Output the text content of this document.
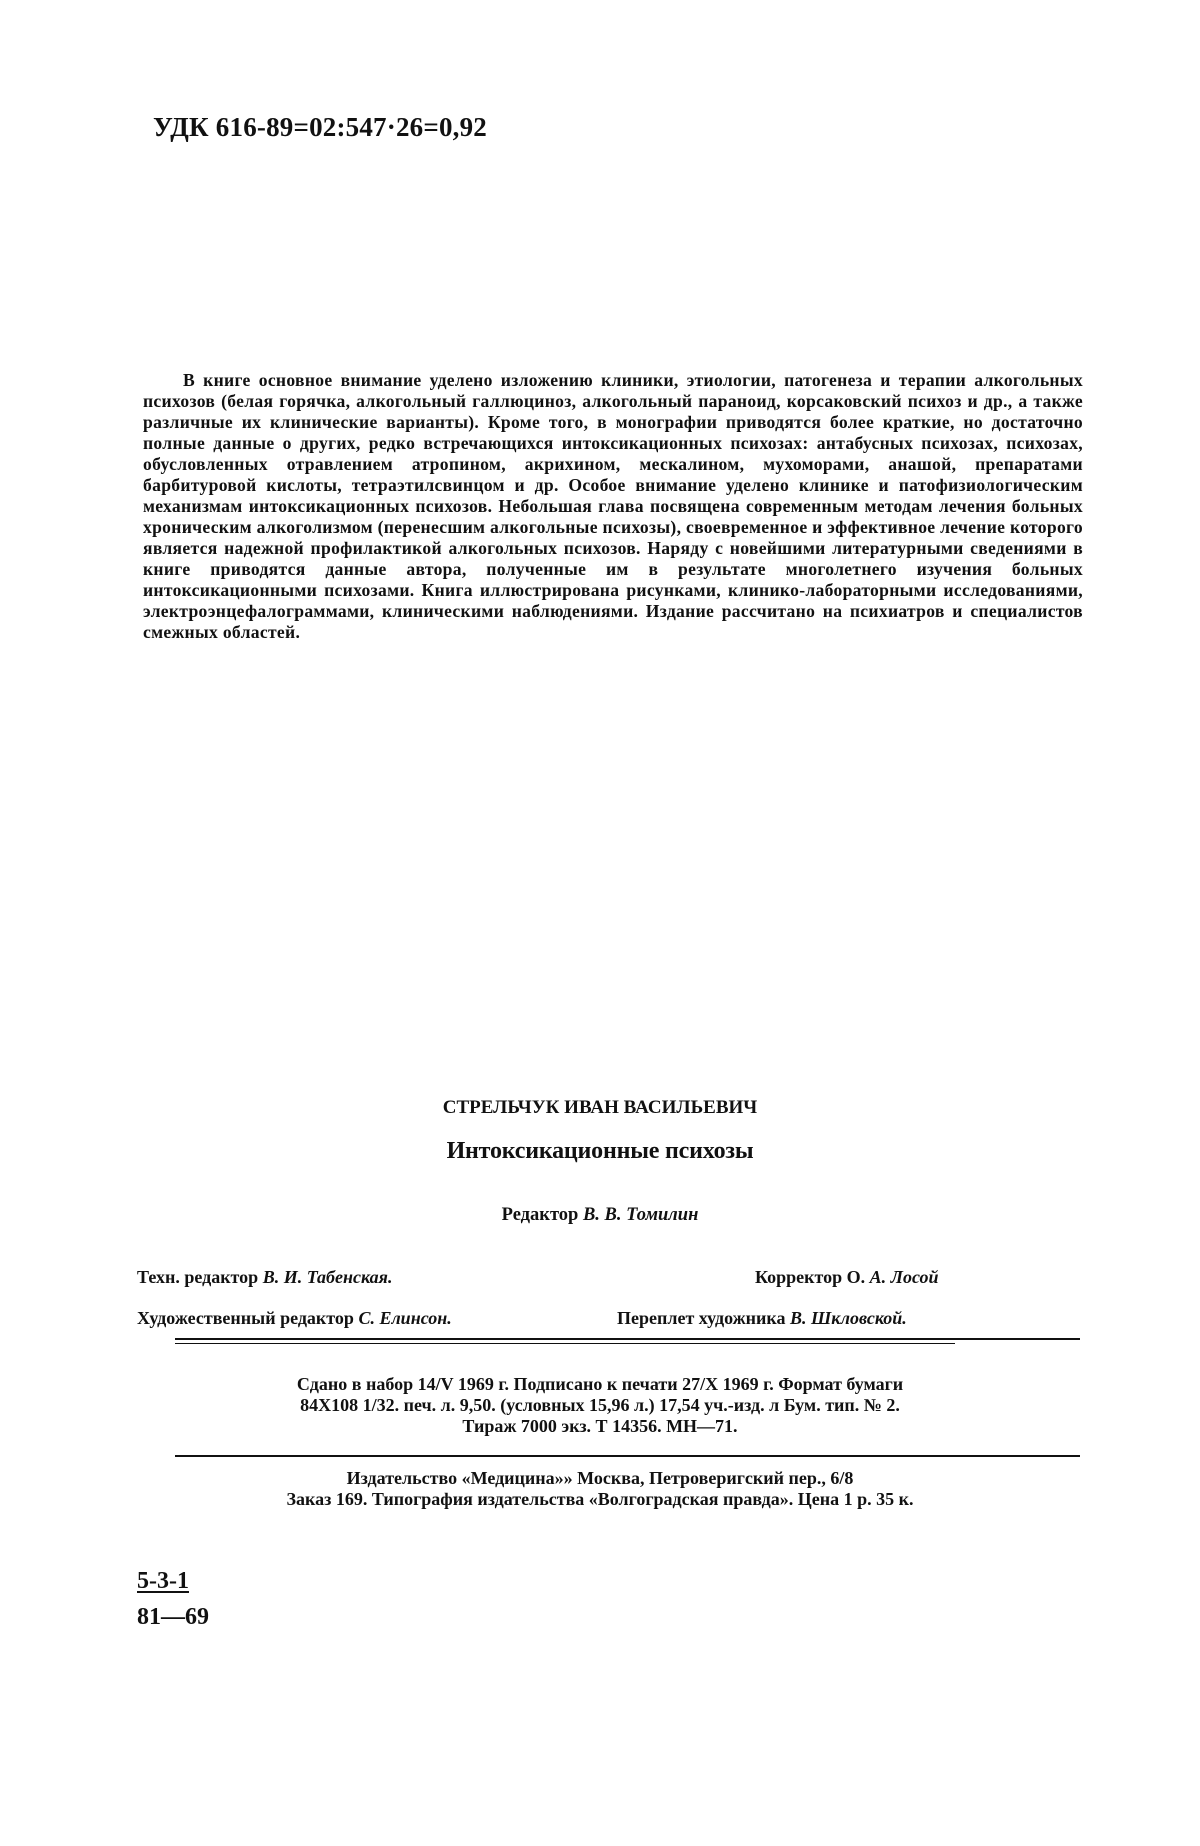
УДК 616-89=02:547·26=0,92
В книге основное внимание уделено изложению клиники, этиологии, патогенеза и терапии алкогольных психозов (белая горячка, алкогольный галлюциноз, алкогольный параноид, корсаковский психоз и др., а также различные их клинические варианты). Кроме того, в монографии приводятся более краткие, но достаточно полные данные о других, редко встречающихся интоксикационных психозах: антабусных психозах, психозах, обусловленных отравлением атропином, акрихином, мескалином, мухоморами, анашой, препаратами барбитуровой кислоты, тетраэтилсвинцом и др. Особое внимание уделено клинике и патофизиологическим механизмам интоксикационных психозов. Небольшая глава посвящена современным методам лечения больных хроническим алкоголизмом (перенесшим алкогольные психозы), своевременное и эффективное лечение которого является надежной профилактикой алкогольных психозов. Наряду с новейшими литературными сведениями в книге приводятся данные автора, полученные им в результате многолетнего изучения больных интоксикационными психозами. Книга иллюстрирована рисунками, клинико-лабораторными исследованиями, электроэнцефалограммами, клиническими наблюдениями. Издание рассчитано на психиатров и специалистов смежных областей.
СТРЕЛЬЧУК ИВАН ВАСИЛЬЕВИЧ
Интоксикационные психозы
Редактор В. В. Томилин
Техн. редактор В. И. Табенская.	Корректор О. А. Лосой
Художественный редактор С. Елинсон.	Переплет художника В. Шкловской.
Сдано в набор 14/V 1969 г. Подписано к печати 27/X 1969 г. Формат бумаги
84X108 1/32. печ. л. 9,50. (условных 15,96 л.) 17,54 уч.-изд. л Бум. тип. № 2.
Тираж 7000 экз. Т 14356. МН—71.
Издательство «Медицина»» Москва, Петроверигский пер., 6/8
Заказ 169. Типография издательства «Волгоградская правда». Цена 1 р. 35 к.
5-3-1
81—69
